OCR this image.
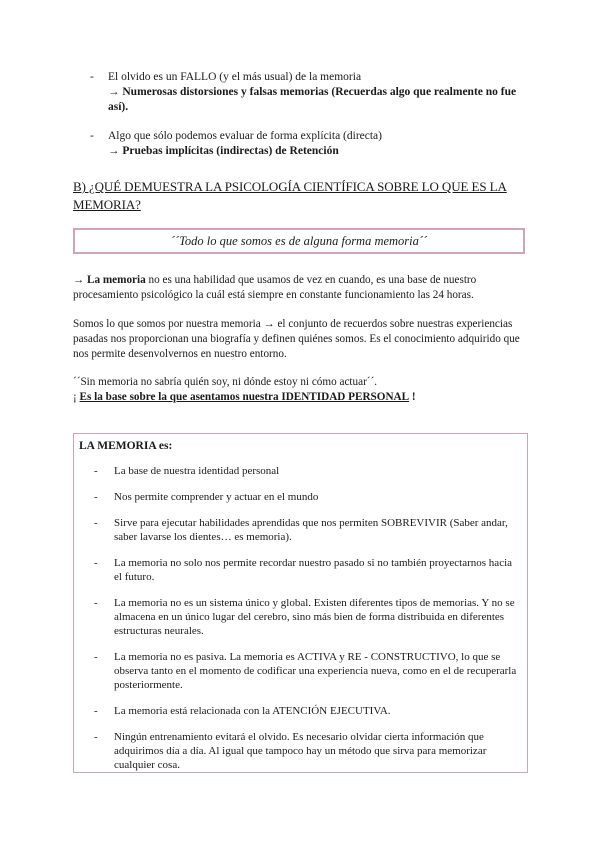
- El olvido es un FALLO (y el más usual) de la memoria
→ Numerosas distorsiones y falsas memorias (Recuerdas algo que realmente no fue así).
- Algo que sólo podemos evaluar de forma explícita (directa)
→ Pruebas implícitas (indirectas) de Retención
B) ¿QUÉ DEMUESTRA LA PSICOLOGÍA CIENTÍFICA SOBRE LO QUE ES LA MEMORIA?
´´Todo lo que somos es de alguna forma memoria´´
→ La memoria no es una habilidad que usamos de vez en cuando, es una base de nuestro procesamiento psicológico la cuál está siempre en constante funcionamiento las 24 horas.
Somos lo que somos por nuestra memoria → el conjunto de recuerdos sobre nuestras experiencias pasadas nos proporcionan una biografía y definen quiénes somos. Es el conocimiento adquirido que nos permite desenvolvernos en nuestro entorno.
´´Sin memoria no sabría quién soy, ni dónde estoy ni cómo actuar´´.
¡ Es la base sobre la que asentamos nuestra IDENTIDAD PERSONAL !
LA MEMORIA es:
- La base de nuestra identidad personal
- Nos permite comprender y actuar en el mundo
- Sirve para ejecutar habilidades aprendidas que nos permiten SOBREVIVIR (Saber andar, saber lavarse los dientes… es memoria).
- La memoria no solo nos permite recordar nuestro pasado si no también proyectarnos hacia el futuro.
- La memoria no es un sistema único y global. Existen diferentes tipos de memorias. Y no se almacena en un único lugar del cerebro, sino más bien de forma distribuida en diferentes estructuras neurales.
- La memoria no es pasiva. La memoria es ACTIVA y RE - CONSTRUCTIVO, lo que se observa tanto en el momento de codificar una experiencia nueva, como en el de recuperarla posteriormente.
- La memoria está relacionada con la ATENCIÓN EJECUTIVA.
- Ningún entrenamiento evitará el olvido. Es necesario olvidar cierta información que adquirimos día a día. Al igual que tampoco hay un método que sirva para memorizar cualquier cosa.
